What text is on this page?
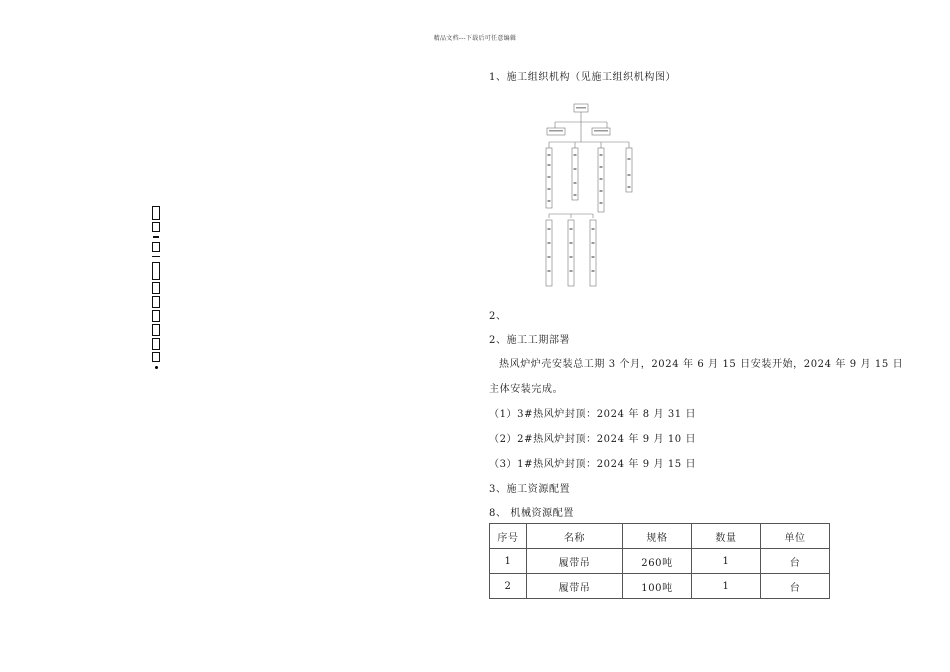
精品文档---下载后可任意编辑
1、施工组织机构（见施工组织机构图）
2、
2、施工工期部署
热风炉炉壳安装总工期 3 个月，2024 年 6 月 15 日安装开始，2024 年 9 月 15 日
主体安装完成。
（1）3#热风炉封顶：2024 年 8 月 31 日
（2）2#热风炉封顶：2024 年 9 月 10 日
（3）1#热风炉封顶：2024 年 9 月 15 日
3、施工资源配置
8、 机械资源配置
序号	名称	规格	数量	单位
1	履带吊	260吨	1	台
2	履带吊	100吨	1	台
